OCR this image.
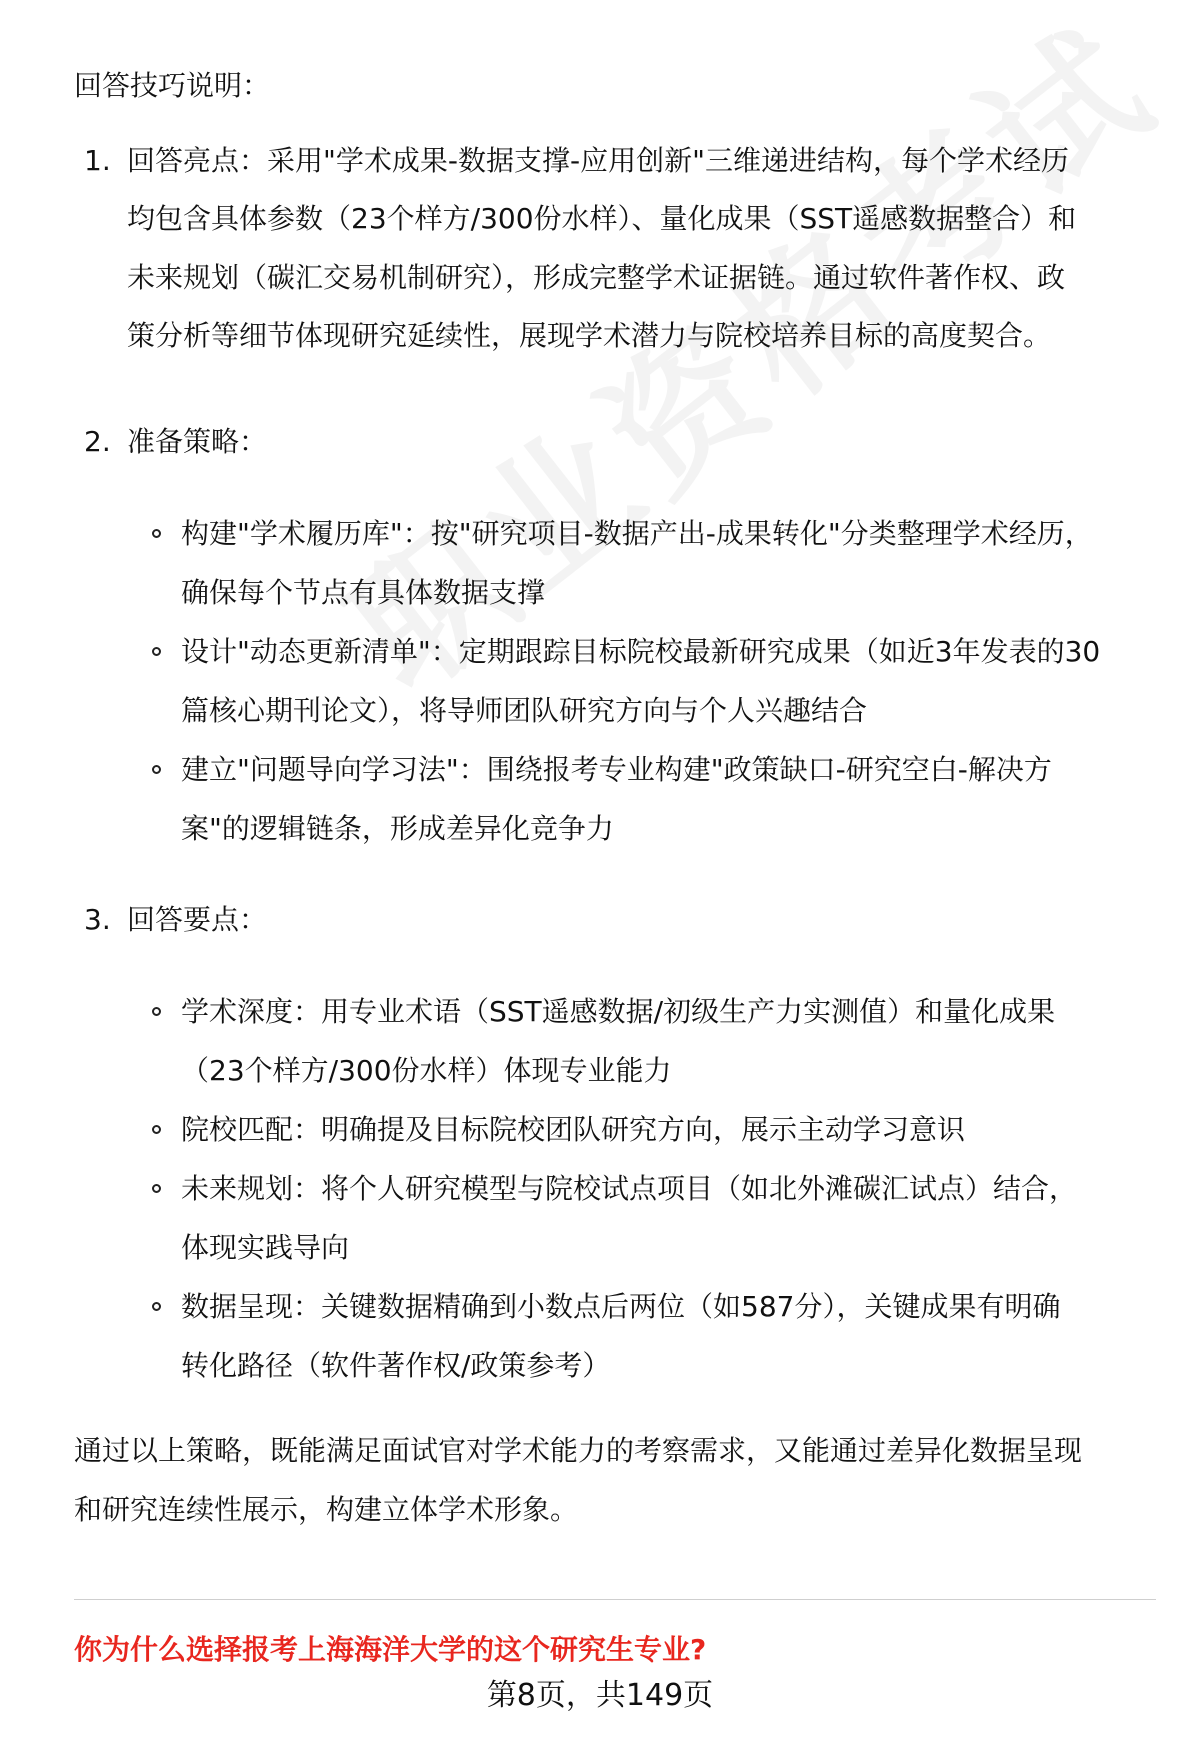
回答技巧说明：
1. 回答亮点：采用"学术成果-数据支撑-应用创新"三维递进结构，每个学术经历
均包含具体参数（23个样方/300份水样）、量化成果（SST遥感数据整合）和
未来规划（碳汇交易机制研究），形成完整学术证据链。通过软件著作权、政
策分析等细节体现研究延续性，展现学术潜力与院校培养目标的高度契合。
2. 准备策略：
构建"学术履历库"：按"研究项目-数据产出-成果转化"分类整理学术经历，
确保每个节点有具体数据支撑
设计"动态更新清单"：定期跟踪目标院校最新研究成果（如近3年发表的30
篇核心期刊论文），将导师团队研究方向与个人兴趣结合
建立"问题导向学习法"：围绕报考专业构建"政策缺口-研究空白-解决方
案"的逻辑链条，形成差异化竞争力
3. 回答要点：
学术深度：用专业术语（SST遥感数据/初级生产力实测值）和量化成果
（23个样方/300份水样）体现专业能力
院校匹配：明确提及目标院校团队研究方向，展示主动学习意识
未来规划：将个人研究模型与院校试点项目（如北外滩碳汇试点）结合，
体现实践导向
数据呈现：关键数据精确到小数点后两位（如587分），关键成果有明确
转化路径（软件著作权/政策参考）
通过以上策略，既能满足面试官对学术能力的考察需求，又能通过差异化数据呈现
和研究连续性展示，构建立体学术形象。
你为什么选择报考上海海洋大学的这个研究生专业?
第8页，共149页
